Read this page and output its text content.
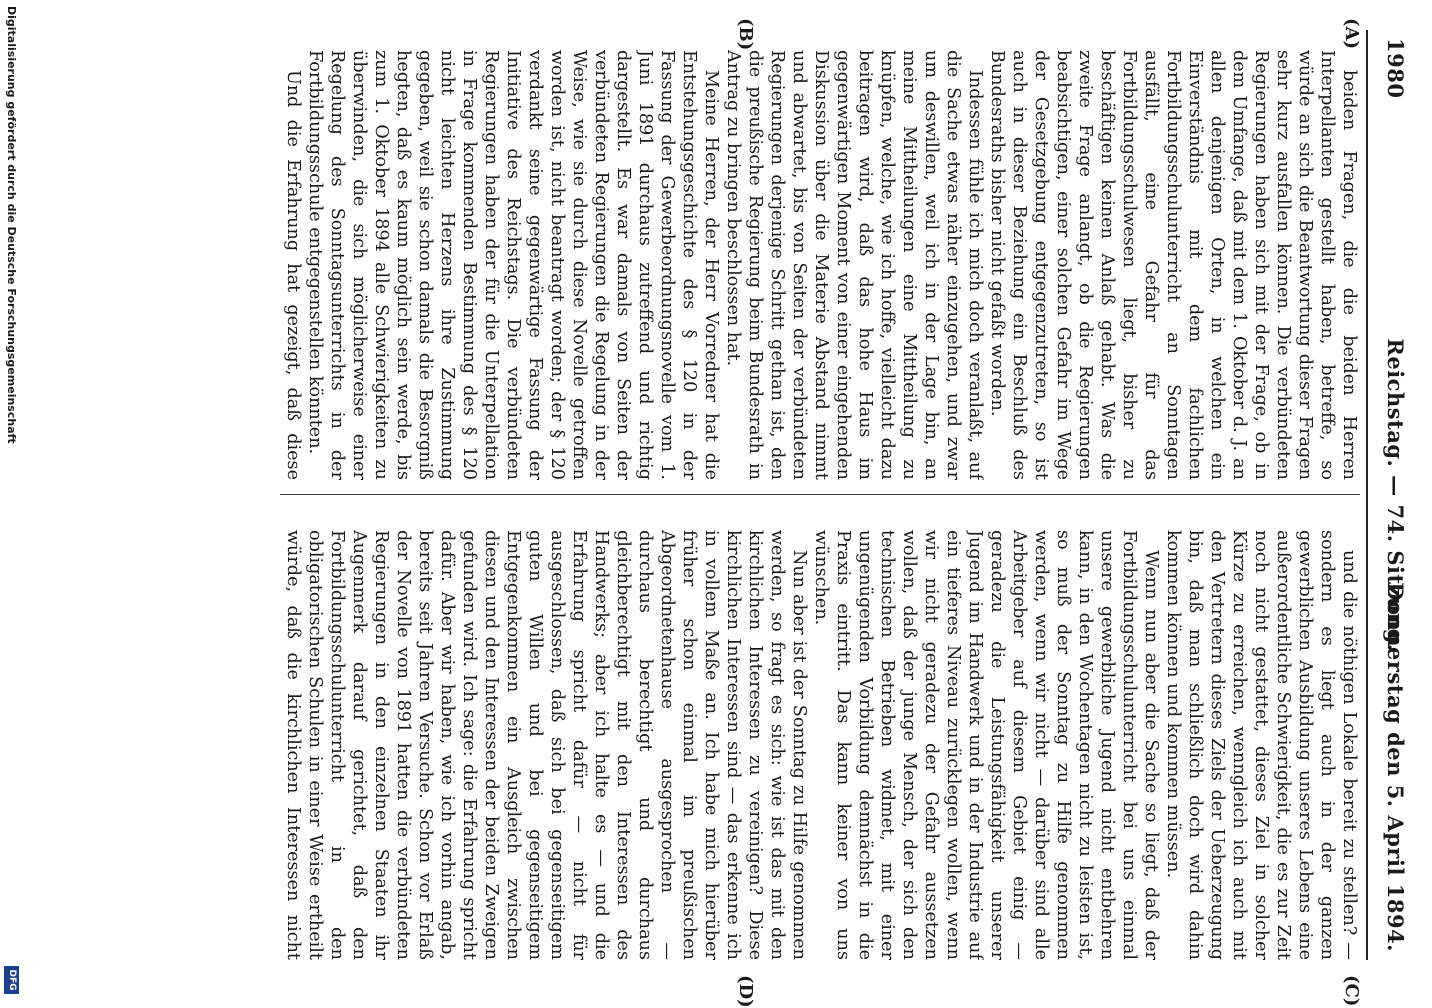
1980
Reichstag. — 74. Sitzung.
Donnerstag den 5. April 1894.
(A)
(B)
(C)
(D)

beiden Fragen, die die beiden Herren Interpellanten gestellt haben, betreffe, so würde an sich die Beantwortung dieser Fragen sehr kurz ausfallen können. Die verbündeten Regierungen haben sich mit der Frage, ob in dem Umfange, daß mit dem 1. Oktober d. J. an allen denjenigen Orten, in welchen ein Einverständnis mit dem fachlichen Fortbildungsschulunterricht an Sonntagen ausfällt, eine Gefahr für das Fortbildungsschulwesen liegt, bisher zu beschäftigen keinen Anlaß gehabt. Was die zweite Frage anlangt, ob die Regierungen beabsichtigen, einer solchen Gefahr im Wege der Gesetzgebung entgegenzutreten, so ist auch in dieser Beziehung ein Beschluß des Bundesraths bisher nicht gefaßt worden.

Indessen fühle ich mich doch veranlaßt, auf die Sache etwas näher einzugehen, und zwar um deswillen, weil ich in der Lage bin, an meine Mittheilungen eine Mittheilung zu knüpfen, welche, wie ich hoffe, vielleicht dazu beitragen wird, daß das hohe Haus im gegenwärtigen Moment von einer eingehenden Diskussion über die Materie Abstand nimmt und abwartet, bis von Seiten der verbündeten Regierungen derjenige Schritt gethan ist, den die preußische Regierung beim Bundesrath in Antrag zu bringen beschlossen hat.

Meine Herren, der Herr Vorredner hat die Entstehungsgeschichte des § 120 in der Fassung der Gewerbeordnungsnovelle vom 1. Juni 1891 durchaus zutreffend und richtig dargestellt. Es war damals von Seiten der verbündeten Regierungen die Regelung in der Weise, wie sie durch diese Novelle getroffen worden ist, nicht beantragt worden; der § 120 verdankt seine gegenwärtige Fassung der Initiative des Reichstags. Die verbündeten Regierungen haben der für die Unterpellation in Frage kommenden Bestimmung des § 120 nicht leichten Herzens ihre Zustimmung gegeben, weil sie schon damals die Besorgniß hegten, daß es kaum möglich sein werde, bis zum 1. Oktober 1894 alle Schwierigkeiten zu überwinden, die sich möglicherweise einer Regelung des Sonntagsunterrichts in der Fortbildungsschule entgegenstellen könnten.

Und die Erfahrung hat gezeigt, daß diese

und die nöthigen Lokale bereit zu stellen? — sondern es liegt auch in der ganzen gewerblichen Ausbildung unseres Lebens eine außerordentliche Schwierigkeit, die es zur Zeit noch nicht gestattet, dieses Ziel in solcher Kürze zu erreichen, wenngleich ich auch mit den Vertretern dieses Ziels der Ueberzeugung bin, daß man schließlich doch wird dahin kommen können und kommen müssen.

Wenn nun aber die Sache so liegt, daß der Fortbildungsschulunterricht bei uns einmal unsere gewerbliche Jugend nicht entbehren kann, in den Wochentagen nicht zu leisten ist, so muß der Sonntag zu Hilfe genommen werden, wenn wir nicht — darüber sind alle Arbeitgeber auf diesem Gebiet einig — geradezu die Leistungsfähigkeit unserer Jugend im Handwerk und in der Industrie auf ein tieferes Niveau zurücklegen wollen, wenn wir nicht geradezu der Gefahr aussetzen wollen, daß der junge Mensch, der sich den technischen Betrieben widmet, mit einer ungenügenden Vorbildung demnächst in die Praxis eintritt. Das kann keiner von uns wünschen.

Nun aber ist der Sonntag zu Hilfe genommen werden, so fragt es sich: wie ist das mit den kirchlichen Interessen zu vereinigen? Diese kirchlichen Interessen sind — das erkenne ich in vollem Maße an. Ich habe mich hierüber früher schon einmal im preußischen Abgeordnetenhause ausgesprochen — durchaus berechtigt und durchaus gleichberechtigt mit den Interessen des Handwerks; aber ich halte es — und die Erfahrung spricht dafür — nicht für ausgeschlossen, daß sich bei gegenseitigem guten Willen und bei gegenseitigem Entgegenkommen ein Ausgleich zwischen diesen und den Interessen der beiden Zweigen gefunden wird. Ich sage: die Erfahrung spricht dafür. Aber wir haben, wie ich vorhin angab, bereits seit Jahren Versuche. Schon vor Erlaß der Novelle von 1891 hatten die verbündeten Regierungen in den einzelnen Staaten ihr Augenmerk darauf gerichtet, daß den Fortbildungsschulunterricht in den obligatorischen Schulen in einer Weise ertheilt würde, daß die kirchlichen Interessen nicht

Digitalisierung gefördert durch die Deutsche Forschungsgemeinschaft
DFG
